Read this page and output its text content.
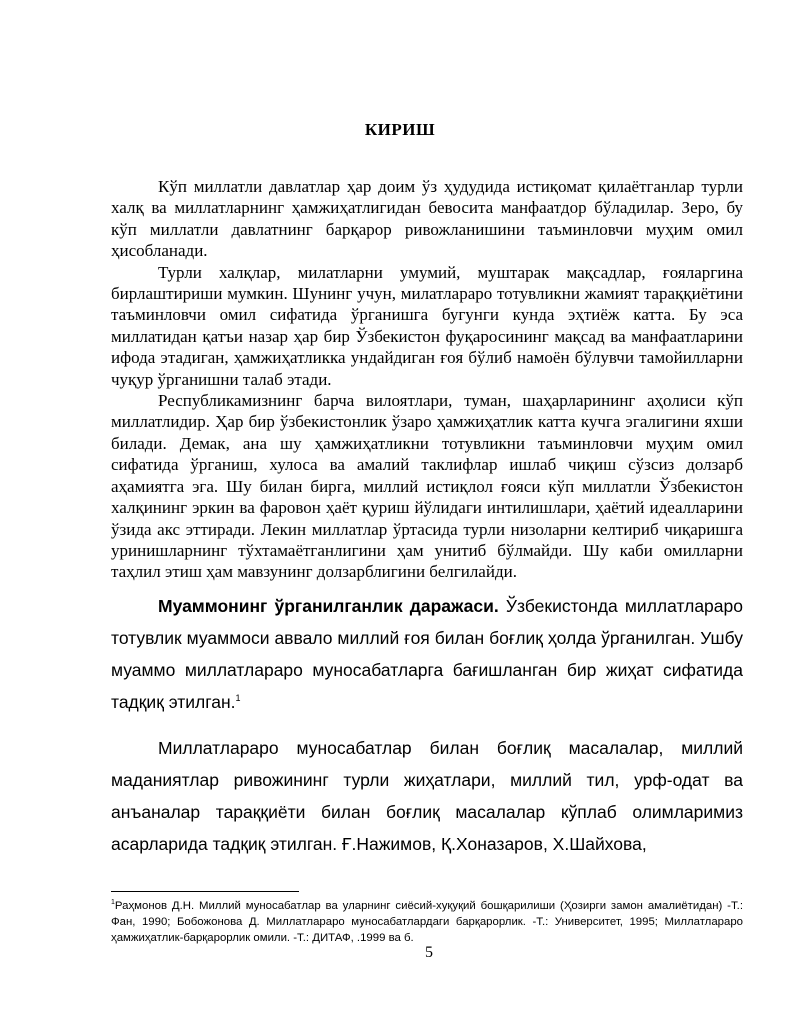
КИРИШ

Кўп миллатли давлатлар ҳар доим ўз ҳудудида истиқомат қилаётганлар турли халқ ва миллатларнинг ҳамжиҳатлигидан бевосита манфаатдор бўладилар. Зеро, бу кўп миллатли давлатнинг барқарор ривожланишини таъминловчи муҳим омил ҳисобланади.

Турли халқлар, милатларни умумий, муштарак мақсадлар, ғояларгина бирлаштириши мумкин. Шунинг учун, милатлараро тотувликни жамият тараққиётини таъминловчи омил сифатида ўрганишга бугунги кунда эҳтиёж катта. Бу эса миллатидан қатъи назар ҳар бир Ўзбекистон фуқаросининг мақсад ва манфаатларини ифода этадиган, ҳамжиҳатликка ундайдиган ғоя бўлиб намоён бўлувчи тамойилларни чуқур ўрганишни талаб этади.

Республикамизнинг барча вилоятлари, туман, шаҳарларининг аҳолиси кўп миллатлидир. Ҳар бир ўзбекистонлик ўзаро ҳамжиҳатлик катта кучга эгалигини яхши билади. Демак, ана шу ҳамжиҳатликни тотувликни таъминловчи муҳим омил сифатида ўрганиш, хулоса ва амалий таклифлар ишлаб чиқиш сўзсиз долзарб аҳамиятга эга. Шу билан бирга, миллий истиқлол ғояси кўп миллатли Ўзбекистон халқининг эркин ва фаровон ҳаёт қуриш йўлидаги интилишлари, ҳаётий идеалларини ўзида акс эттиради. Лекин миллатлар ўртасида турли низоларни келтириб чиқаришга уринишларнинг тўхтамаётганлигини ҳам унитиб бўлмайди. Шу каби омилларни таҳлил этиш ҳам мавзунинг долзарблигини белгилайди.

Муаммонинг ўрганилганлик даражаси. Ўзбекистонда миллатлараро тотувлик муаммоси аввало миллий ғоя билан боғлиқ ҳолда ўрганилган. Ушбу муаммо миллатлараро муносабатларга бағишланган бир жиҳат сифатида тадқиқ этилган.$^1$

Миллатлараро муносабатлар билан боғлиқ масалалар, миллий маданиятлар ривожининг турли жиҳатлари, миллий тил, урф-одат ва анъаналар тараққиёти билан боғлиқ масалалар кўплаб олимларимиз асарларида тадқиқ этилган. Ғ.Нажимов, Қ.Хоназаров, Х.Шайхова,

$^1$Раҳмонов Д.Н. Миллий муносабатлар ва уларнинг сиёсий-хуқуқий бошқарилиши (Ҳозирги замон амалиётидан) -Т.: Фан, 1990; Бобожонова Д. Миллатлараро муносабатлардаги барқарорлик. -Т.: Университет, 1995; Миллатлараро ҳамжиҳатлик-барқарорлик омили. -Т.: ДИТАФ, .1999 ва б.
5
